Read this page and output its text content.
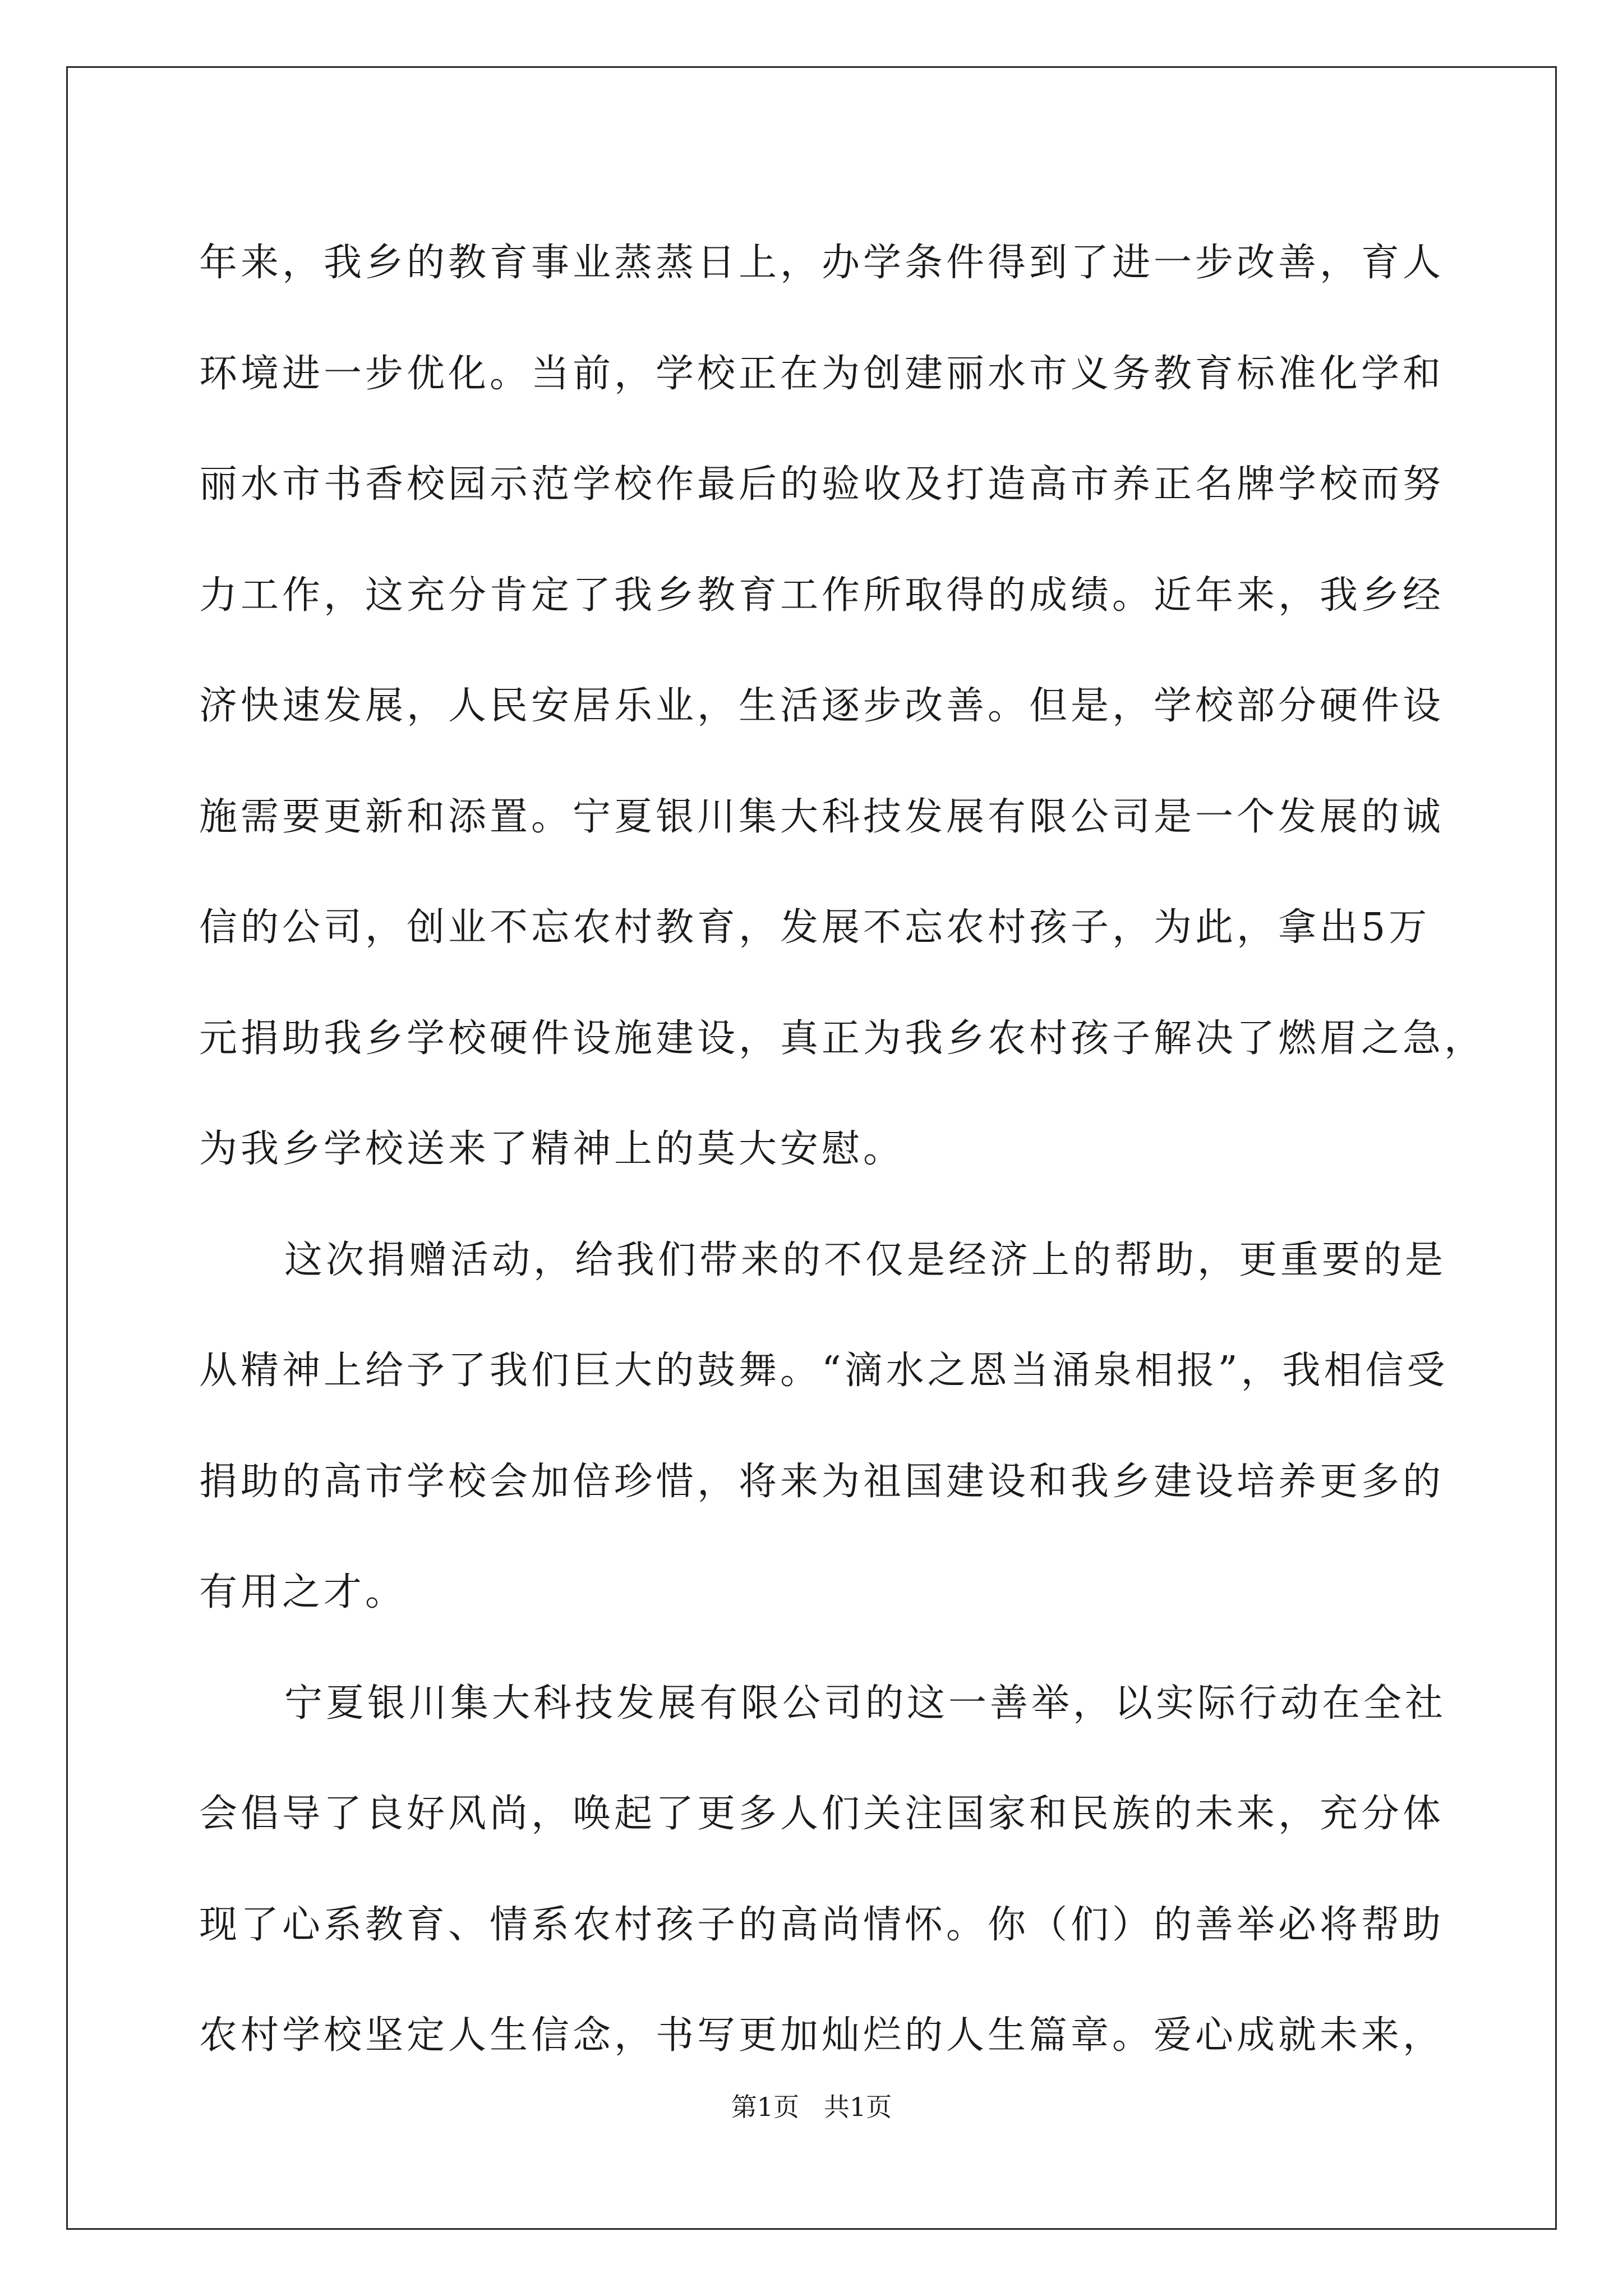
年来，我乡的教育事业蒸蒸日上，办学条件得到了进一步改善，育人
环境进一步优化。当前，学校正在为创建丽水市义务教育标准化学和
丽水市书香校园示范学校作最后的验收及打造高市养正名牌学校而努
力工作，这充分肯定了我乡教育工作所取得的成绩。近年来，我乡经
济快速发展，人民安居乐业，生活逐步改善。但是，学校部分硬件设
施需要更新和添置。宁夏银川集大科技发展有限公司是一个发展的诚
信的公司，创业不忘农村教育，发展不忘农村孩子，为此，拿出5万
元捐助我乡学校硬件设施建设，真正为我乡农村孩子解决了燃眉之急，
为我乡学校送来了精神上的莫大安慰。
这次捐赠活动，给我们带来的不仅是经济上的帮助，更重要的是
从精神上给予了我们巨大的鼓舞。“滴水之恩当涌泉相报”，我相信受
捐助的高市学校会加倍珍惜，将来为祖国建设和我乡建设培养更多的
有用之才。
宁夏银川集大科技发展有限公司的这一善举，以实际行动在全社
会倡导了良好风尚，唤起了更多人们关注国家和民族的未来，充分体
现了心系教育、情系农村孩子的高尚情怀。你（们）的善举必将帮助
农村学校坚定人生信念，书写更加灿烂的人生篇章。爱心成就未来，
第1页   共1页
